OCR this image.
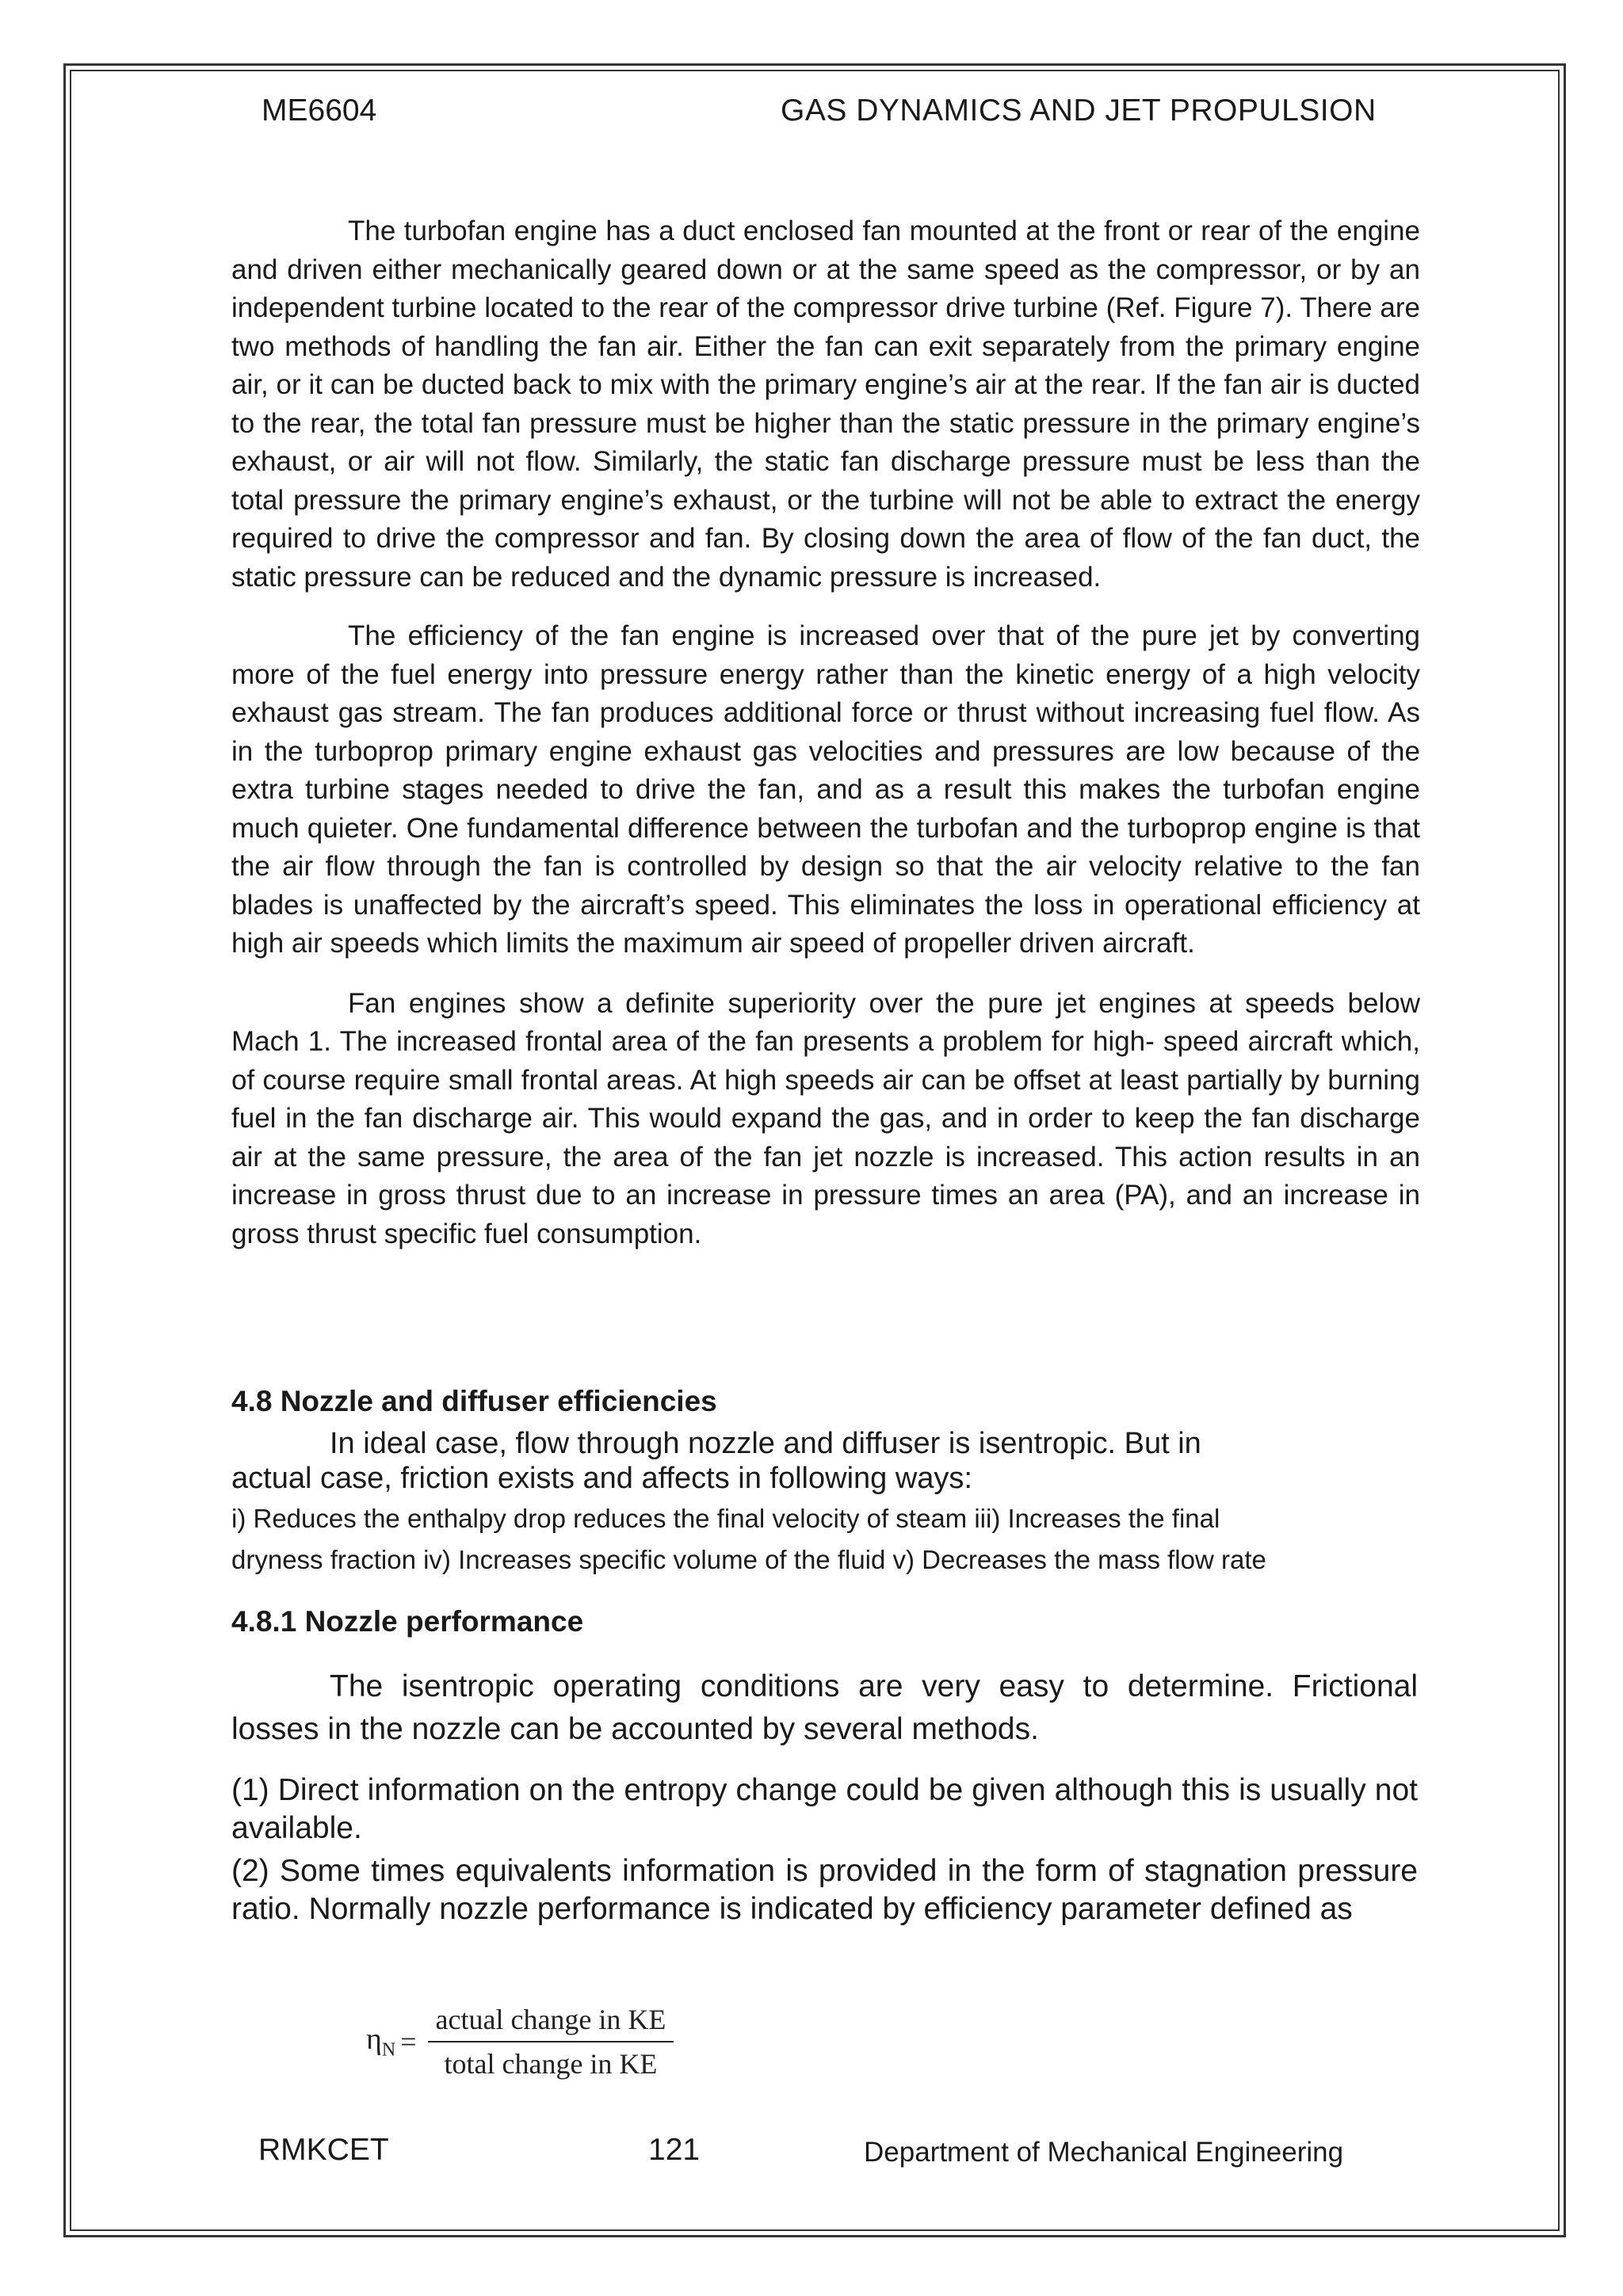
ME6604	GAS DYNAMICS AND JET PROPULSION

The turbofan engine has a duct enclosed fan mounted at the front or rear of the engine and driven either mechanically geared down or at the same speed as the compressor, or by an independent turbine located to the rear of the compressor drive turbine (Ref. Figure 7). There are two methods of handling the fan air. Either the fan can exit separately from the primary engine air, or it can be ducted back to mix with the primary engine’s air at the rear. If the fan air is ducted to the rear, the total fan pressure must be higher than the static pressure in the primary engine’s exhaust, or air will not flow. Similarly, the static fan discharge pressure must be less than the total pressure the primary engine’s exhaust, or the turbine will not be able to extract the energy required to drive the compressor and fan. By closing down the area of flow of the fan duct, the static pressure can be reduced and the dynamic pressure is increased.

The efficiency of the fan engine is increased over that of the pure jet by converting more of the fuel energy into pressure energy rather than the kinetic energy of a high velocity exhaust gas stream. The fan produces additional force or thrust without increasing fuel flow. As in the turboprop primary engine exhaust gas velocities and pressures are low because of the extra turbine stages needed to drive the fan, and as a result this makes the turbofan engine much quieter. One fundamental difference between the turbofan and the turboprop engine is that the air flow through the fan is controlled by design so that the air velocity relative to the fan blades is unaffected by the aircraft’s speed. This eliminates the loss in operational efficiency at high air speeds which limits the maximum air speed of propeller driven aircraft.

Fan engines show a definite superiority over the pure jet engines at speeds below Mach 1. The increased frontal area of the fan presents a problem for high- speed aircraft which, of course require small frontal areas. At high speeds air can be offset at least partially by burning fuel in the fan discharge air. This would expand the gas, and in order to keep the fan discharge air at the same pressure, the area of the fan jet nozzle is increased. This action results in an increase in gross thrust due to an increase in pressure times an area (PA), and an increase in gross thrust specific fuel consumption.

4.8 Nozzle and diffuser efficiencies

In ideal case, flow through nozzle and diffuser is isentropic. But in actual case, friction exists and affects in following ways:

i) Reduces the enthalpy drop reduces the final velocity of steam iii) Increases the final

dryness fraction iv) Increases specific volume of the fluid v) Decreases the mass flow rate

4.8.1 Nozzle performance

The isentropic operating conditions are very easy to determine. Frictional losses in the nozzle can be accounted by several methods.

(1) Direct information on the entropy change could be given although this is usually not available.

(2) Some times equivalents information is provided in the form of stagnation pressure ratio. Normally nozzle performance is indicated by efficiency parameter defined as

$\eta_N = \frac{\text{actual change in KE}}{\text{total change in KE}}$
RMKCET	121	Department of Mechanical Engineering
